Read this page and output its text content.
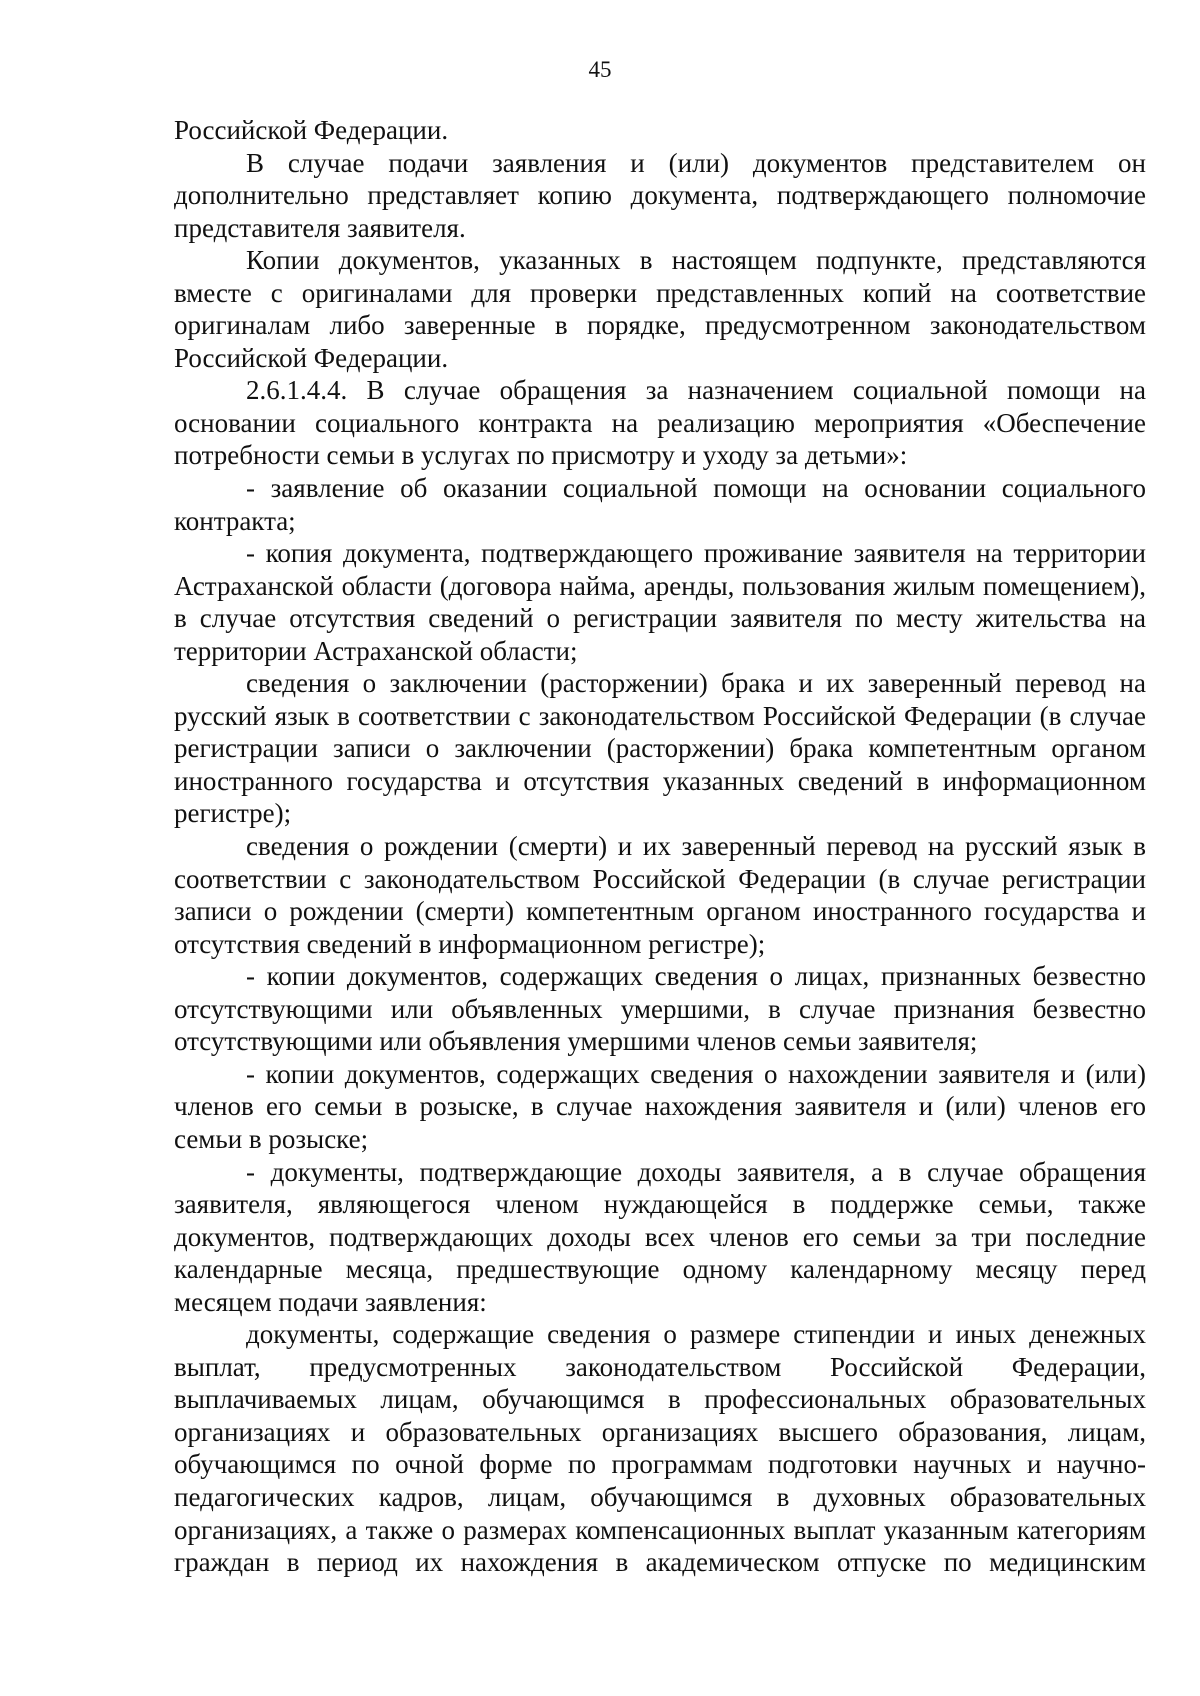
45

Российской Федерации.

В случае подачи заявления и (или) документов представителем он дополнительно представляет копию документа, подтверждающего полномочие представителя заявителя.

Копии документов, указанных в настоящем подпункте, представляются вместе с оригиналами для проверки представленных копий на соответствие оригиналам либо заверенные в порядке, предусмотренном законодательством Российской Федерации.

2.6.1.4.4. В случае обращения за назначением социальной помощи на основании социального контракта на реализацию мероприятия «Обеспечение потребности семьи в услугах по присмотру и уходу за детьми»:

- заявление об оказании социальной помощи на основании социального контракта;

- копия документа, подтверждающего проживание заявителя на территории Астраханской области (договора найма, аренды, пользования жилым помещением), в случае отсутствия сведений о регистрации заявителя по месту жительства на территории Астраханской области;

сведения о заключении (расторжении) брака и их заверенный перевод на русский язык в соответствии с законодательством Российской Федерации (в случае регистрации записи о заключении (расторжении) брака компетентным органом иностранного государства и отсутствия указанных сведений в информационном регистре);

сведения о рождении (смерти) и их заверенный перевод на русский язык в соответствии с законодательством Российской Федерации (в случае регистрации записи о рождении (смерти) компетентным органом иностранного государства и отсутствия сведений в информационном регистре);

- копии документов, содержащих сведения о лицах, признанных безвестно отсутствующими или объявленных умершими, в случае признания безвестно отсутствующими или объявления умершими членов семьи заявителя;

- копии документов, содержащих сведения о нахождении заявителя и (или) членов его семьи в розыске, в случае нахождения заявителя и (или) членов его семьи в розыске;

- документы, подтверждающие доходы заявителя, а в случае обращения заявителя, являющегося членом нуждающейся в поддержке семьи, также документов, подтверждающих доходы всех членов его семьи за три последние календарные месяца, предшествующие одному календарному месяцу перед месяцем подачи заявления:

документы, содержащие сведения о размере стипендии и иных денежных выплат, предусмотренных законодательством Российской Федерации, выплачиваемых лицам, обучающимся в профессиональных образовательных организациях и образовательных организациях высшего образования, лицам, обучающимся по очной форме по программам подготовки научных и научно-педагогических кадров, лицам, обучающимся в духовных образовательных организациях, а также о размерах компенсационных выплат указанным категориям граждан в период их нахождения в академическом отпуске по медицинским
